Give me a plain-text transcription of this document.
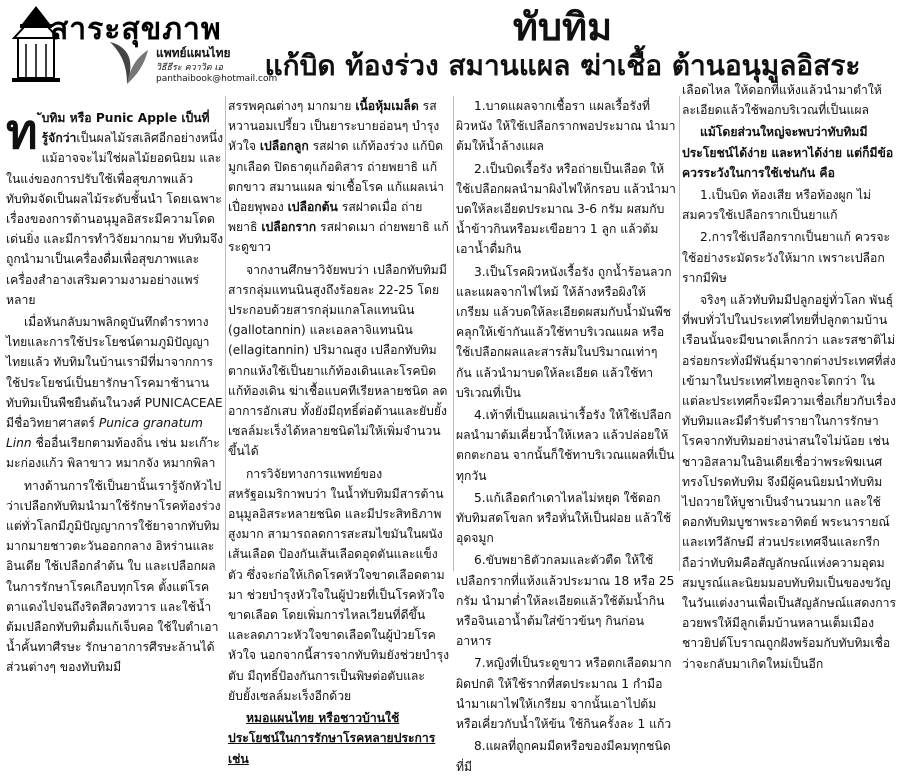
สาระสุขภาพ
แพทย์แผนไทย
วิธีธีระ ควาวิด เอ
panthaibook@hotmail.com
ทับทิม
แก้บิด ท้องร่วง สมานแผล ฆ่าเชื้อ ต้านอนุมูลอิสระ

ท ับทิม หรือ Punic Apple เป็นที่รู้จักว่าเป็นผลไม้รสเลิศอีกอย่างหนึ่ง แม้อาจจะไม่ใช่ผลไม้ยอดนิยม และในแง่ของการปรับใช้เพื่อสุขภาพแล้ว ทับทิมจัดเป็นผลไม้ระดับชั้นนำ โดยเฉพาะเรื่องของการต้านอนุมูลอิสระมีความโดดเด่นยิ่ง และมีการทำวิจัยมากมาย ทับทิมจึงถูกนำมาเป็นเครื่องดื่มเพื่อสุขภาพและเครื่องสำอางเสริมความงามอย่างแพร่หลาย

เมื่อหันกลับมาพลิกดูบันทึกตำราทางไทยและการใช้ประโยชน์ตามภูมิปัญญาไทยแล้ว ทับทิมในบ้านเรามีที่มาจากการใช้ประโยชน์เป็นยารักษาโรคมาช้านาน ทับทิมเป็นพืชยืนต้นในวงศ์ PUNICACEAE มีชื่อวิทยาศาสตร์ Punica granatum Linn ชื่ออื่นเรียกตามท้องถิ่น เช่น มะเก๊าะ มะก่องแก้ว พิลาขาว หมากจัง หมากพิลา

ทางด้านการใช้เป็นยานั้นเรารู้จักหัวไปว่าเปลือกทับทิมนำมาใช้รักษาโรคท้องร่วง แต่ทั่วโลกมีภูมิปัญญาการใช้ยาจากทับทิมมากมายชาวตะวันออกกลาง อิหร่านและอินเดีย ใช้เปลือกลำต้น ใบ และเปลือกผลในการรักษาโรคเกือบทุกโรค ตั้งแต่โรคตาแดงไปจนถึงริดสีดวงทวาร และใช้น้ำต้มเปลือกทับทิมดื่มแก้เจ็บคอ ใช้ใบตำเอาน้ำคั้นทาศีรษะ รักษาอาการศีรษะล้านได้ ส่วนต่างๆ ของทับทิมมี

สรรพคุณต่างๆ มากมาย เนื้อหุ้มเมล็ด รสหวานอมเปรี้ยว เป็นยาระบายอ่อนๆ บำรุงหัวใจ เปลือกลูก รสฝาด แก้ท้องร่วง แก้บิดมูกเลือด ปิดธาตุแก้อติสาร ถ่ายพยาธิ แก้ตกขาว สมานแผล ฆ่าเชื้อโรค แก้แผลเน่าเปื่อยพุพอง เปลือกต้น รสฝาดเมื่อ ถ่ายพยาธิ เปลือกราก รสฝาดเมา ถ่ายพยาธิ แก้ระดูขาว

จากงานศึกษาวิจัยพบว่า เปลือกทับทิมมีสารกลุ่มแทนนินสูงถึงร้อยละ 22-25 โดยประกอบด้วยสารกลุ่มแกลโลแทนนิน (gallotannin) และเอลลาจิแทนนิน (ellagitannin) ปริมาณสูง เปลือกทับทิมตากแห้งใช้เป็นยาแก้ท้องเดินและโรคบิดแก้ท้องเดิน ฆ่าเชื้อแบคทีเรียหลายชนิด ลดอาการอักเสบ ทั้งยังมีฤทธิ์ต่อต้านและยับยั้งเซลล์มะเร็งได้หลายชนิดไม่ให้เพิ่มจำนวนขึ้นได้

การวิจัยทางการแพทย์ของสหรัฐอเมริกาพบว่า ในน้ำทับทิมมีสารต้านอนุมูลอิสระหลายชนิด และมีประสิทธิภาพสูงมาก สามารถลดการสะสมไขมันในผนังเส้นเลือด ป้องกันเส้นเลือดอุดตันและแข็งตัว ซึ่งจะก่อให้เกิดโรคหัวใจขาดเลือดตามมา ช่วยบำรุงหัวใจในผู้ป่วยที่เป็นโรคหัวใจขาดเลือด โดยเพิ่มการไหลเวียนที่ดีขึ้น และลดภาวะหัวใจขาดเลือดในผู้ป่วยโรคหัวใจ นอกจากนี้สารจากทับทิมยังช่วยบำรุงตับ มีฤทธิ์ป้องกันการเป็นพิษต่อตับและยับยั้งเซลล์มะเร็งอีกด้วย

หมอแผนไทย หรือชาวบ้านใช้ประโยชน์ในการรักษาโรคหลายประการ เช่น

1.บาดแผลจากเชื้อรา แผลเรื้อรังที่ผิวหนัง ให้ใช้เปลือกรากพอประมาณ นำมาต้มให้น้ำล้างแผล

2.เป็นบิดเรื้อรัง หรือถ่ายเป็นเลือด ให้ใช้เปลือกผลนำมาผิงไฟให้กรอบ แล้วนำมาบดให้ละเอียดประมาณ 3-6 กรัม ผสมกับน้ำข้าวกินหรือมะเขือยาว 1 ลูก แล้วต้มเอาน้ำดื่มกิน

3.เป็นโรคผิวหนังเรื้อรัง ถูกน้ำร้อนลวก และแผลจากไฟไหม้ ให้ล้างหรือผิงให้เกรียม แล้วบดให้ละเอียดผสมกับน้ำมันพืชคลุกให้เข้ากันแล้วใช้ทาบริเวณแผล หรือใช้เปลือกผลและสารส้มในปริมาณเท่าๆ กัน แล้วนำมาบดให้ละเอียด แล้วใช้ทาบริเวณที่เป็น

4.เท้าที่เป็นแผลเน่าเรื้อรัง ให้ใช้เปลือกผลนำมาต้มเคี่ยวน้ำให้เหลว แล้วปล่อยให้ตกตะกอน จากนั้นก็ใช้ทาบริเวณแผลที่เป็นทุกวัน

5.แก้เลือดกำเดาไหลไม่หยุด ใช้ดอกทับทิมสดโขลก หรือหั่นให้เป็นฝอย แล้วใช้อุดจมูก

6.ขับพยาธิตัวกลมและตัวตืด ให้ใช้เปลือกรากที่แห้งแล้วประมาณ 18 หรือ 25 กรัม นำมาต่ำให้ละเอียดแล้วใช้ต้มน้ำกิน หรือจินเอาน้ำต้มใส่ข้าวข้นๆ กินก่อนอาหาร

7.หญิงที่เป็นระดูขาว หรือตกเลือดมากผิดปกติ ให้ใช้รากที่สดประมาณ 1 กำมือ นำมาเผาไฟให้เกรียม จากนั้นเอาไปต้มหรือเคี่ยวกับน้ำให้ข้น ใช้กินครั้งละ 1 แก้ว

8.แผลที่ถูกคมมีดหรือของมีคมทุกชนิดที่มี

เลือดไหล ให้ดอกที่แห้งแล้วนำมาตำให้ละเอียดแล้วใช้พอกบริเวณที่เป็นแผล

แม้โดยส่วนใหญ่จะพบว่าทับทิมมีประโยชน์ได้ง่าย และหาได้ง่าย แต่ก็มีข้อควรระวังในการใช้เช่นกัน คือ

1.เป็นบิด ท้องเสีย หรือท้องผูก ไม่สมควรใช้เปลือกรากเป็นยาแก้

2.การใช้เปลือกรากเป็นยาแก้ ควรจะใช้อย่างระมัดระวังให้มาก เพราะเปลือกรากมีพิษ

จริงๆ แล้วทับทิมมีปลูกอยู่ทั่วโลก พันธุ์ที่พบทั่วไปในประเทศไทยที่ปลูกตามบ้านเรือนนั้นจะมีขนาดเล็กกว่า และรสชาติไม่อร่อยกระทั่งมีพันธุ์มาจากต่างประเทศที่ส่งเข้ามาในประเทศไทยลูกจะโตกว่า ในแต่ละประเทศก็จะมีความเชื่อเกี่ยวกับเรื่องทับทิมและมีตำรับตำรายาในการรักษาโรคจากทับทิมอย่างน่าสนใจไม่น้อย เช่น ชาวอิสลามในอินเดียเชื่อว่าพระพิฆเนศทรงโปรดทับทิม จึงมีผู้คนนิยมนำทับทิมไปถวายให้บูชาเป็นจำนวนมาก และใช้ดอกทับทิมบูชาพระอาทิตย์ พระนารายณ์และเทวีลักษมี ส่วนประเทศจีนและกรีกถือว่าทับทิมคือสัญลักษณ์แห่งความอุดมสมบูรณ์และนิยมมอบทับทิมเป็นของขวัญในวันแต่งงานเพื่อเป็นสัญลักษณ์แสดงการอวยพรให้มีลูกเต็มบ้านหลานเต็มเมือง ชาวยิปต์โบราณถูกฝังพร้อมกับทับทิมเชื่อว่าจะกลับมาเกิดใหม่เป็นอีก
